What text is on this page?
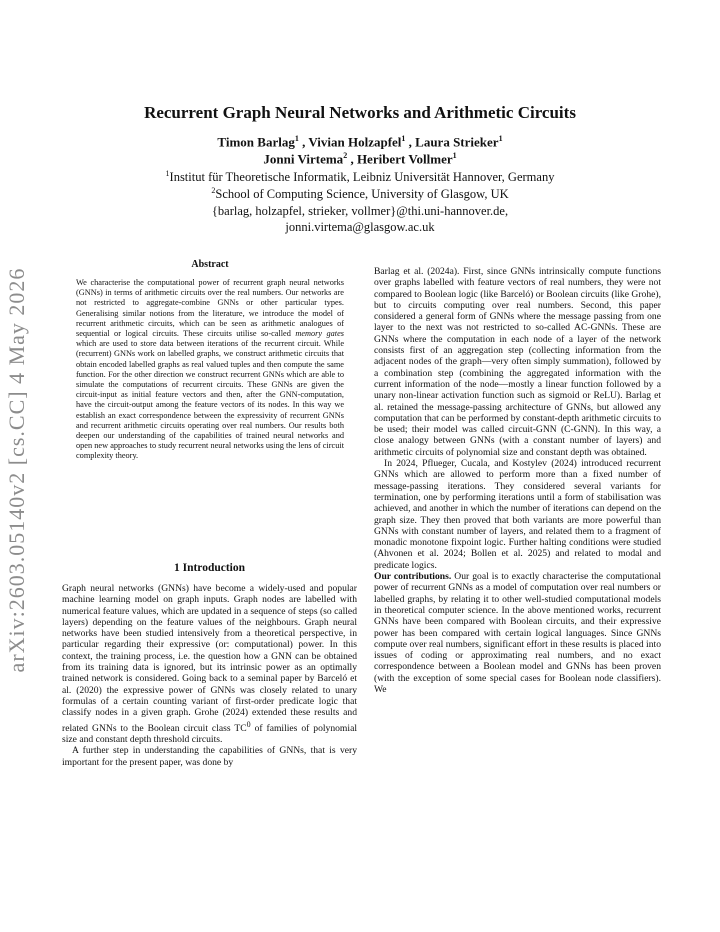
arXiv:2603.05140v2 [cs.CC] 4 May 2026
Recurrent Graph Neural Networks and Arithmetic Circuits
Timon Barlag$^1$ , Vivian Holzapfel$^1$ , Laura Strieker$^1$
Jonni Virtema$^2$ , Heribert Vollmer$^1$
$^1$Institut für Theoretische Informatik, Leibniz Universität Hannover, Germany
$^2$School of Computing Science, University of Glasgow, UK
{barlag, holzapfel, strieker, vollmer}@thi.uni-hannover.de,
jonni.virtema@glasgow.ac.uk
Abstract
We characterise the computational power of recurrent graph neural networks (GNNs) in terms of arithmetic circuits over the real numbers. Our networks are not restricted to aggregate-combine GNNs or other particular types. Generalising similar notions from the literature, we introduce the model of recurrent arithmetic circuits, which can be seen as arithmetic analogues of sequential or logical circuits. These circuits utilise so-called memory gates which are used to store data between iterations of the recurrent circuit. While (recurrent) GNNs work on labelled graphs, we construct arithmetic circuits that obtain encoded labelled graphs as real valued tuples and then compute the same function. For the other direction we construct recurrent GNNs which are able to simulate the computations of recurrent circuits. These GNNs are given the circuit-input as initial feature vectors and then, after the GNN-computation, have the circuit-output among the feature vectors of its nodes. In this way we establish an exact correspondence between the expressivity of recurrent GNNs and recurrent arithmetic circuits operating over real numbers. Our results both deepen our understanding of the capabilities of trained neural networks and open new approaches to study recurrent neural networks using the lens of circuit complexity theory.
1 Introduction

Graph neural networks (GNNs) have become a widely-used and popular machine learning model on graph inputs. Graph nodes are labelled with numerical feature values, which are updated in a sequence of steps (so called layers) depending on the feature values of the neighbours. Graph neural networks have been studied intensively from a theoretical perspective, in particular regarding their expressive (or: computational) power. In this context, the training process, i.e. the question how a GNN can be obtained from its training data is ignored, but its intrinsic power as an optimally trained network is considered. Going back to a seminal paper by Barceló et al. (2020) the expressive power of GNNs was closely related to unary formulas of a certain counting variant of first-order predicate logic that classify nodes in a given graph. Grohe (2024) extended these results and related GNNs to the Boolean circuit class $TC^0$ of families of polynomial size and constant depth threshold circuits.

A further step in understanding the capabilities of GNNs, that is very important for the present paper, was done by

Barlag et al. (2024a). First, since GNNs intrinsically compute functions over graphs labelled with feature vectors of real numbers, they were not compared to Boolean logic (like Barceló) or Boolean circuits (like Grohe), but to circuits computing over real numbers. Second, this paper considered a general form of GNNs where the message passing from one layer to the next was not restricted to so-called AC-GNNs. These are GNNs where the computation in each node of a layer of the network consists first of an aggregation step (collecting information from the adjacent nodes of the graph—very often simply summation), followed by a combination step (combining the aggregated information with the current information of the node—mostly a linear function followed by a unary non-linear activation function such as sigmoid or ReLU). Barlag et al. retained the message-passing architecture of GNNs, but allowed any computation that can be performed by constant-depth arithmetic circuits to be used; their model was called circuit-GNN (C-GNN). In this way, a close analogy between GNNs (with a constant number of layers) and arithmetic circuits of polynomial size and constant depth was obtained.

In 2024, Pflueger, Cucala, and Kostylev (2024) introduced recurrent GNNs which are allowed to perform more than a fixed number of message-passing iterations. They considered several variants for termination, one by performing iterations until a form of stabilisation was achieved, and another in which the number of iterations can depend on the graph size. They then proved that both variants are more powerful than GNNs with constant number of layers, and related them to a fragment of monadic monotone fixpoint logic. Further halting conditions were studied (Ahvonen et al. 2024; Bollen et al. 2025) and related to modal and predicate logics.

Our contributions. Our goal is to exactly characterise the computational power of recurrent GNNs as a model of computation over real numbers or labelled graphs, by relating it to other well-studied computational models in theoretical computer science. In the above mentioned works, recurrent GNNs have been compared with Boolean circuits, and their expressive power has been compared with certain logical languages. Since GNNs compute over real numbers, significant effort in these results is placed into issues of coding or approximating real numbers, and no exact correspondence between a Boolean model and GNNs has been proven (with the exception of some special cases for Boolean node classifiers). We
